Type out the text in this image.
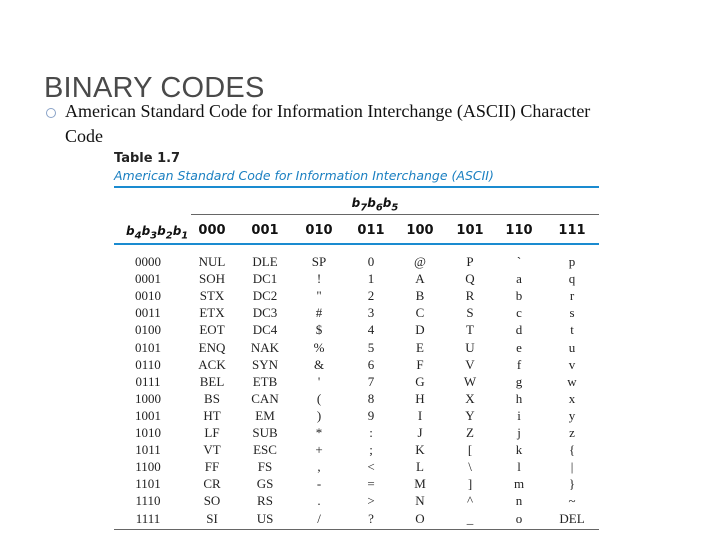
BINARY CODES

American Standard Code for Information Interchange (ASCII) Character Code

Table 1.7
American Standard Code for Information Interchange (ASCII)
$b_7b_6b_5$
$b_4b_3b_2b_1$ 000	001	010	011	100	101	110	111
0000	NUL	DLE	SP	0	@	P	`	p
0001	SOH	DC1	!	1	A	Q	a	q
0010	STX	DC2	"	2	B	R	b	r
0011	ETX	DC3	#	3	C	S	c	s
0100	EOT	DC4	$	4	D	T	d	t
0101	ENQ	NAK	%	5	E	U	e	u
0110	ACK	SYN	&	6	F	V	f	v
0111	BEL	ETB	'	7	G	W	g	w
1000	BS	CAN	(	8	H	X	h	x
1001	HT	EM	)	9	I	Y	i	y
1010	LF	SUB	*	:	J	Z	j	z
1011	VT	ESC	+	;	K	[	k	{
1100	FF	FS	,	<	L	\	l	|
1101	CR	GS	-	=	M	]	m	}
1110	SO	RS	.	>	N	^	n	~
1111	SI	US	/	?	O	_	o	DEL
